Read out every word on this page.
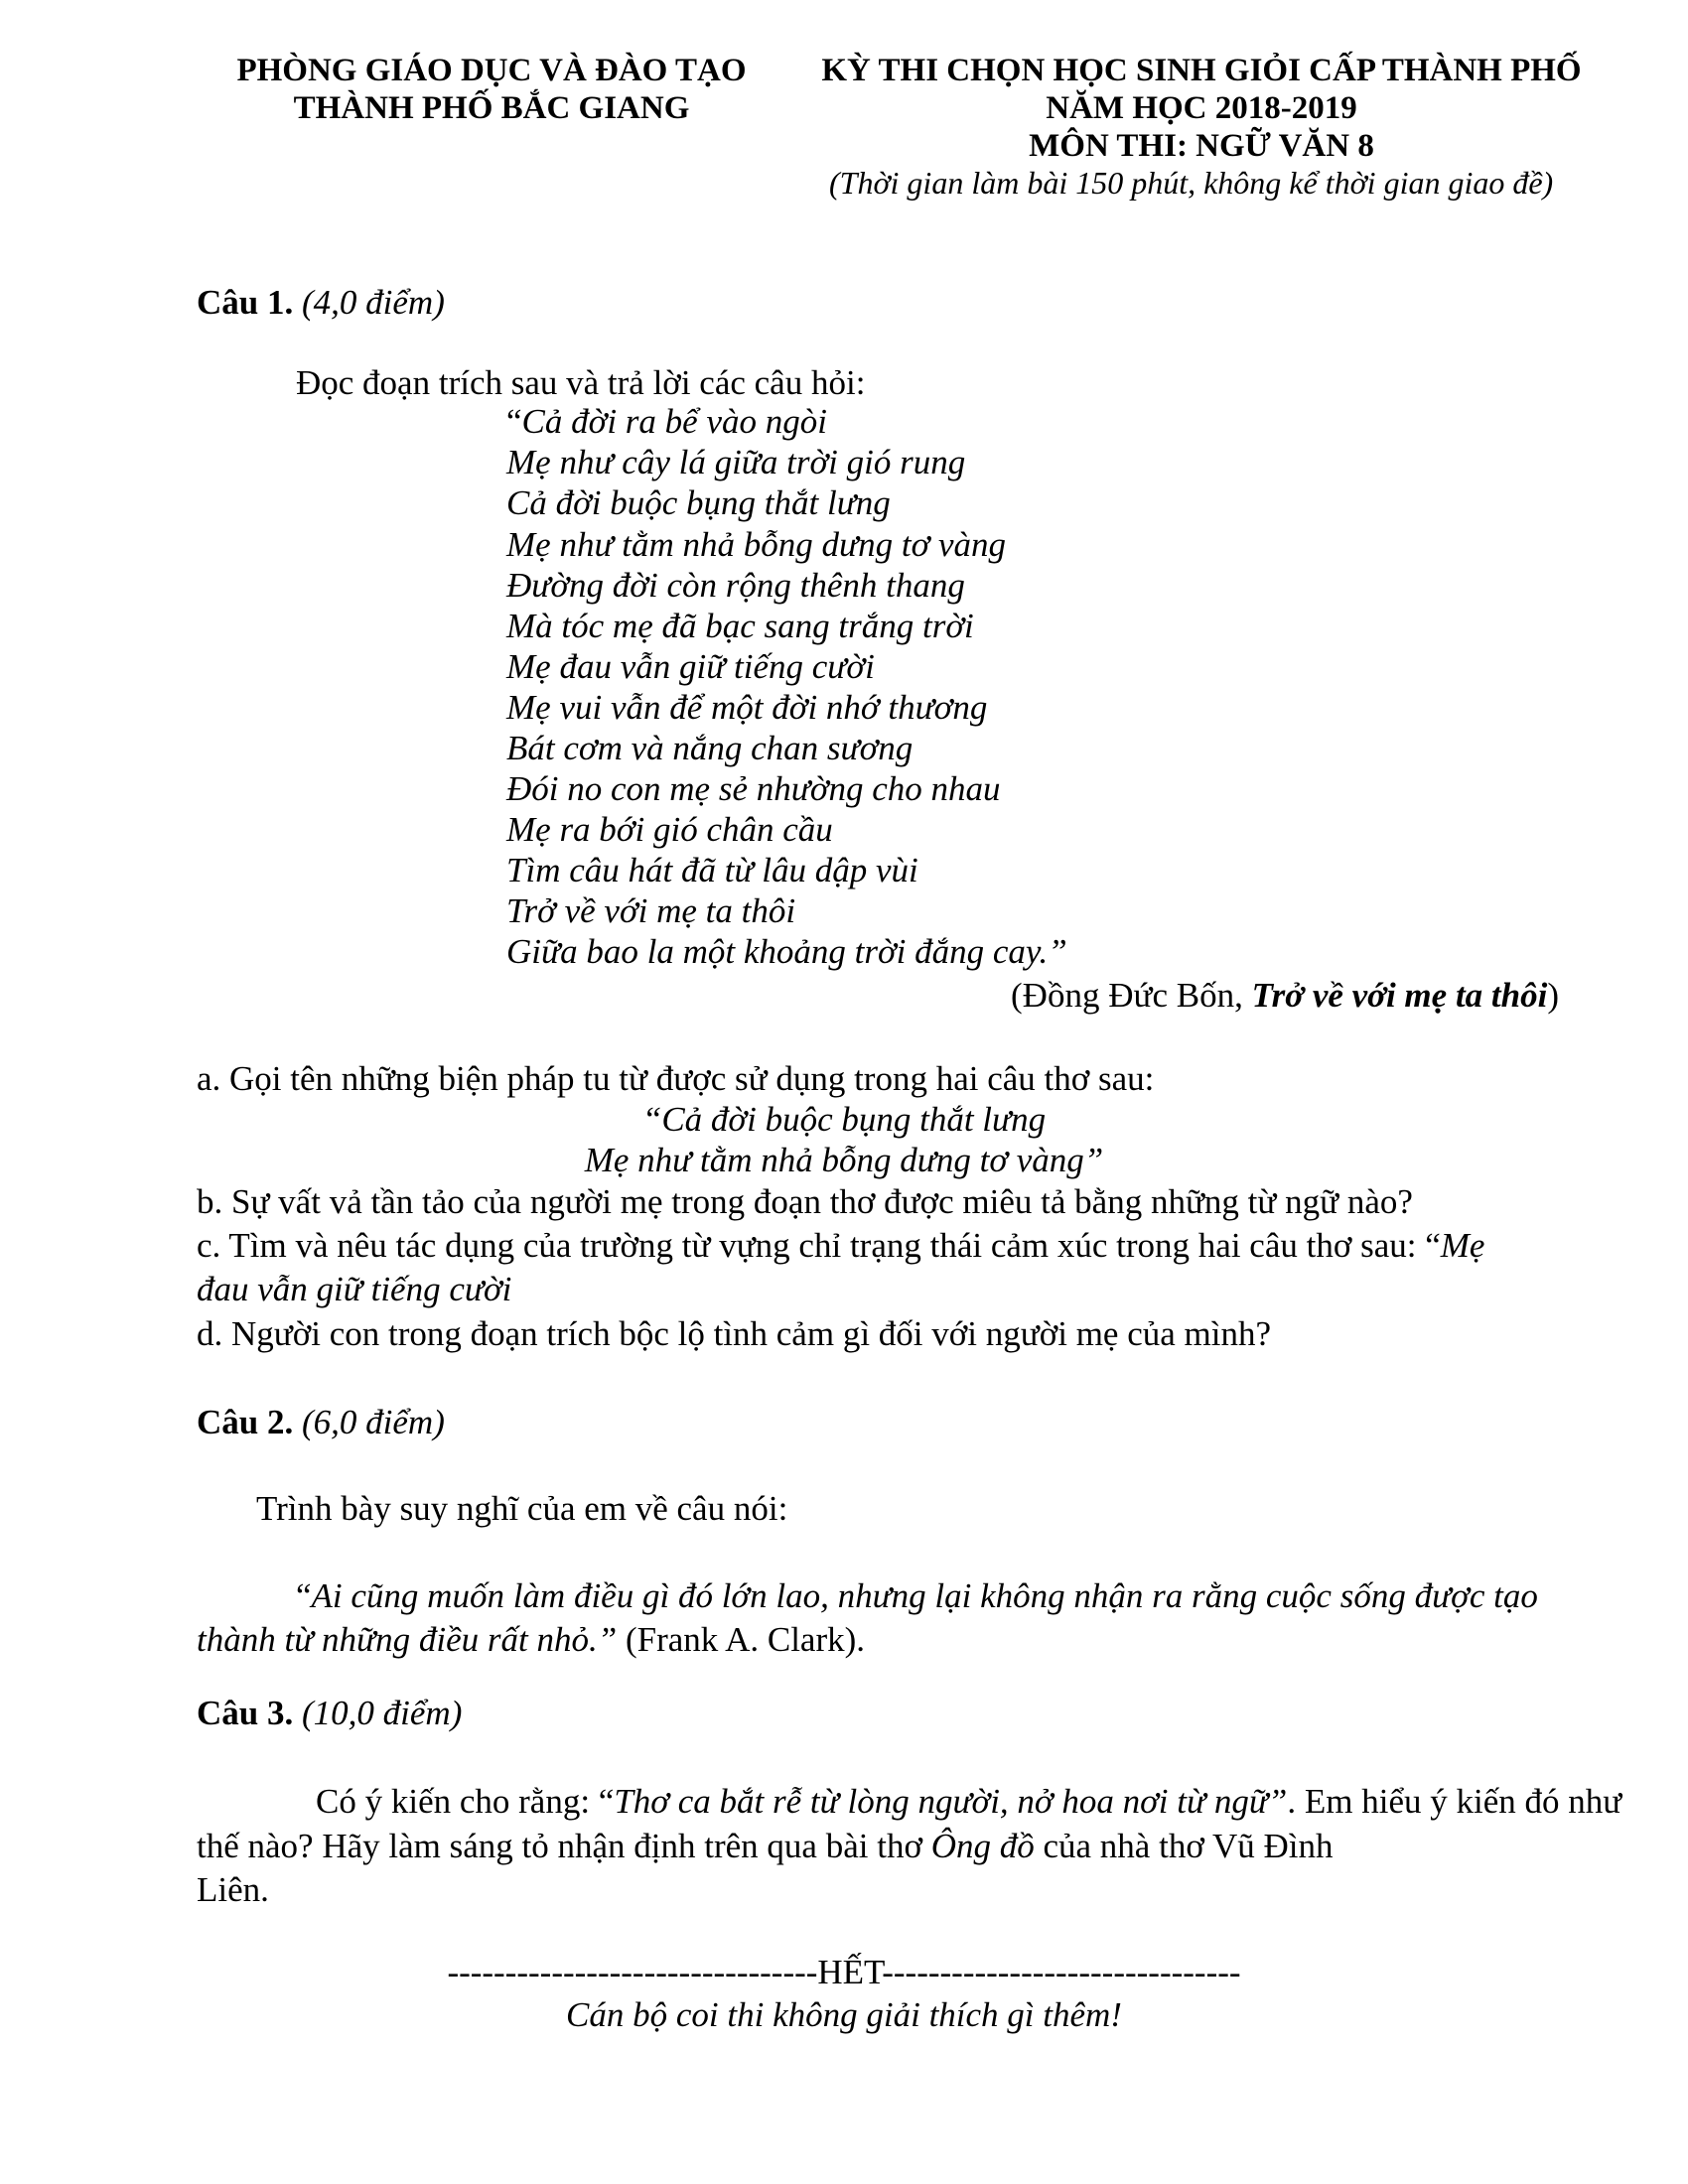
PHÒNG GIÁO DỤC VÀ ĐÀO TẠO
THÀNH PHỐ BẮC GIANG
KỲ THI CHỌN HỌC SINH GIỎI CẤP THÀNH PHỐ
NĂM HỌC 2018-2019
MÔN THI: NGỮ VĂN 8
(Thời gian làm bài 150 phút, không kể thời gian giao đề)
Câu 1. (4,0 điểm)
Đọc đoạn trích sau và trả lời các câu hỏi:
“Cả đời ra bể vào ngòi
Mẹ như cây lá giữa trời gió rung
Cả đời buộc bụng thắt lưng
Mẹ như tằm nhả bỗng dưng tơ vàng
Đường đời còn rộng thênh thang
Mà tóc mẹ đã bạc sang trắng trời
Mẹ đau vẫn giữ tiếng cười
Mẹ vui vẫn để một đời nhớ thương
Bát cơm và nắng chan sương
Đói no con mẹ sẻ nhường cho nhau
Mẹ ra bới gió chân cầu
Tìm câu hát đã từ lâu dập vùi
Trở về với mẹ ta thôi
Giữa bao la một khoảng trời đắng cay.”
(Đồng Đức Bốn, Trở về với mẹ ta thôi)
a. Gọi tên những biện pháp tu từ được sử dụng trong hai câu thơ sau:
“Cả đời buộc bụng thắt lưng
Mẹ như tằm nhả bỗng dưng tơ vàng”
b. Sự vất vả tần tảo của người mẹ trong đoạn thơ được miêu tả bằng những từ ngữ nào?
c. Tìm và nêu tác dụng của trường từ vựng chỉ trạng thái cảm xúc trong hai câu thơ sau: “Mẹ
đau vẫn giữ tiếng cười
d. Người con trong đoạn trích bộc lộ tình cảm gì đối với người mẹ của mình?
Câu 2. (6,0 điểm)
Trình bày suy nghĩ của em về câu nói:
“Ai cũng muốn làm điều gì đó lớn lao, nhưng lại không nhận ra rằng cuộc sống được tạo
thành từ những điều rất nhỏ.” (Frank A. Clark).
Câu 3. (10,0 điểm)
Có ý kiến cho rằng: “Thơ ca bắt rễ từ lòng người, nở hoa nơi từ ngữ”. Em hiểu ý kiến đó như
thế nào? Hãy làm sáng tỏ nhận định trên qua bài thơ Ông đồ của nhà thơ Vũ Đình
Liên.
--------------------------------HẾT-------------------------------
Cán bộ coi thi không giải thích gì thêm!
